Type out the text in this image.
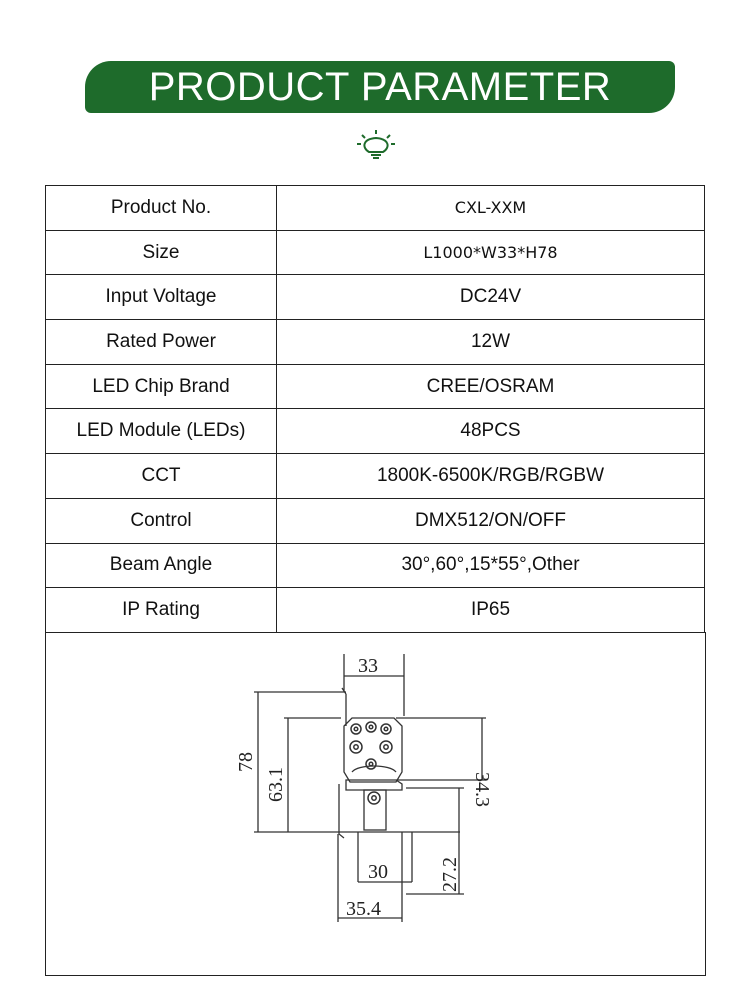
PRODUCT PARAMETER
Product No.	CXL-XXM
Size	L1000*W33*H78
Input Voltage	DC24V
Rated Power	12W
LED Chip Brand	CREE/OSRAM
LED Module (LEDs)	48PCS
CCT	1800K-6500K/RGB/RGBW
Control	DMX512/ON/OFF
Beam Angle	30°,60°,15*55°,Other
IP Rating	IP65
33
78
63.1	34.3
30	27.2
35.4
